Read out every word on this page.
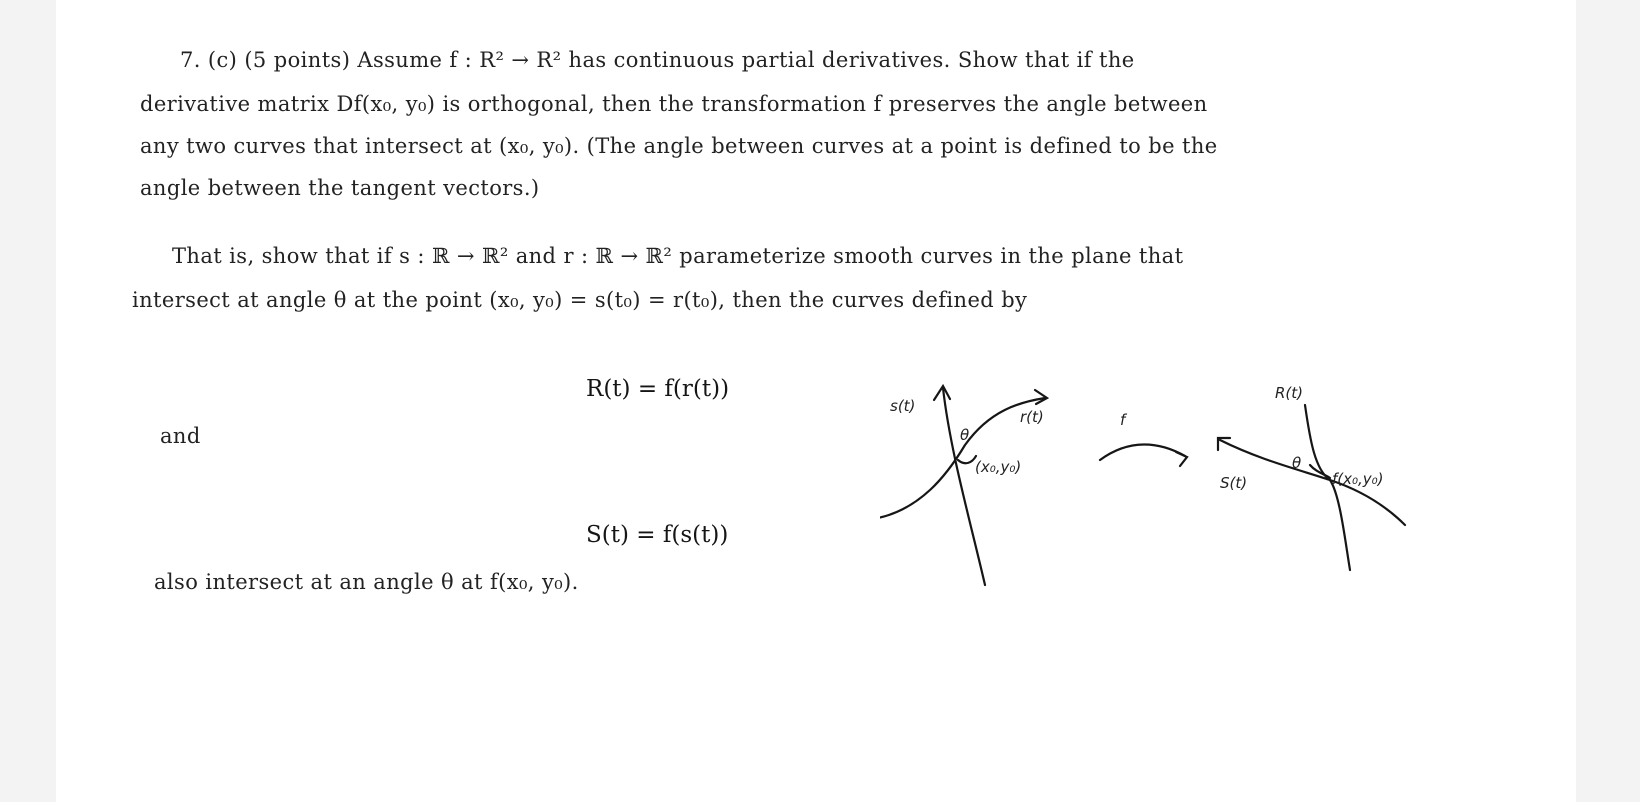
7. (c) (5 points) Assume f : R² → R² has continuous partial derivatives. Show that if the
derivative matrix Df(x₀, y₀) is orthogonal, then the transformation f preserves the angle between
any two curves that intersect at (x₀, y₀). (The angle between curves at a point is defined to be the
angle between the tangent vectors.)
That is, show that if s : ℝ → ℝ² and r : ℝ → ℝ² parameterize smooth curves in the plane that
intersect at angle θ at the point (x₀, y₀) = s(t₀) = r(t₀), then the curves defined by
R(t) = f(r(t))
and
S(t) = f(s(t))
also intersect at an angle θ at f(x₀, y₀).
s(t)
r(t)
θ
(x₀,y₀)
f
R(t)
S(t)
θ
f(x₀,y₀)
